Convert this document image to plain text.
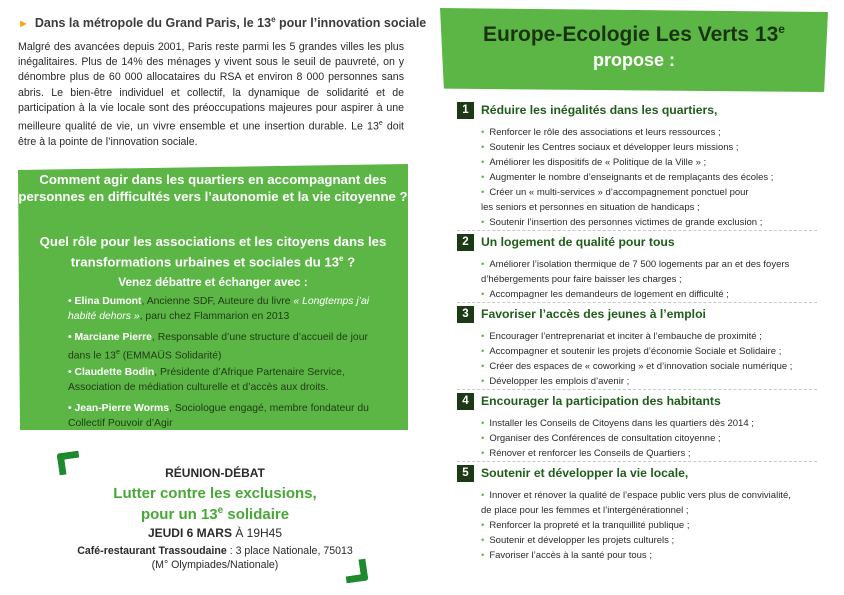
► Dans la métropole du Grand Paris, le 13e pour l’innovation sociale
Malgré des avancées depuis 2001, Paris reste parmi les 5 grandes villes les plus inégalitaires. Plus de 14% des ménages y vivent sous le seuil de pauvreté, on y dénombre plus de 60 000 allocataires du RSA et environ 8 000 personnes sans abris. Le bien-être individuel et collectif, la dynamique de solidarité et de participation à la vie locale sont des préoccupations majeures pour aspirer à une meilleure qualité de vie, un vivre ensemble et une insertion durable. Le 13e doit être à la pointe de l’innovation sociale.
Comment agir dans les quartiers en accompagnant des personnes en difficultés vers l’autonomie et la vie citoyenne ?
Quel rôle pour les associations et les citoyens dans les transformations urbaines et sociales du 13e ?
Venez débattre et échanger avec :
• Elina Dumont, Ancienne SDF, Auteure du livre « Longtemps j’ai habité dehors », paru chez Flammarion en 2013
• Marciane Pierre, Responsable d’une structure d’accueil de jour dans le 13e (EMMAÜS Solidarité)
• Claudette Bodin, Présidente d’Afrique Partenaire Service, Association de médiation culturelle et d’accès aux droits.
• Jean-Pierre Worms, Sociologue engagé, membre fondateur du Collectif Pouvoir d’Agir
RÉUNION-DÉBAT
Lutter contre les exclusions,
pour un 13e solidaire
JEUDI 6 MARS À 19H45
Café-restaurant Trassoudaine : 3 place Nationale, 75013
(M° Olympiades/Nationale)
Europe-Ecologie Les Verts 13e
propose :
1	Réduire les inégalités dans les quartiers,
• Renforcer le rôle des associations et leurs ressources ;
• Soutenir les Centres sociaux et développer leurs missions ;
• Améliorer les dispositifs de « Politique de la Ville » ;
• Augmenter le nombre d’enseignants et de remplaçants des écoles ;
• Créer un « multi-services » d’accompagnement ponctuel pour
les seniors et personnes en situation de handicaps ;
• Soutenir l’insertion des personnes victimes de grande exclusion ;
2	Un logement de qualité pour tous
• Améliorer l’isolation thermique de 7 500 logements par an et des foyers
d’hébergements pour faire baisser les charges ;
• Accompagner les demandeurs de logement en difficulté ;
3	Favoriser l’accès des jeunes à l’emploi
• Encourager l’entreprenariat et inciter à l’embauche de proximité ;
• Accompagner et soutenir les projets d’économie Sociale et Solidaire ;
• Créer des espaces de « coworking » et d’innovation sociale numérique ;
• Développer les emplois d’avenir ;
4	Encourager la participation des habitants
• Installer les Conseils de Citoyens dans les quartiers dès 2014 ;
• Organiser des Conférences de consultation citoyenne ;
• Rénover et renforcer les Conseils de Quartiers ;
5	Soutenir et développer la vie locale,
• Innover et rénover la qualité de l’espace public vers plus de convivialité,
de place pour les femmes et l’intergénérationnel ;
• Renforcer la propreté et la tranquillité publique ;
• Soutenir et développer les projets culturels ;
• Favoriser l’accès à la santé pour tous ;
